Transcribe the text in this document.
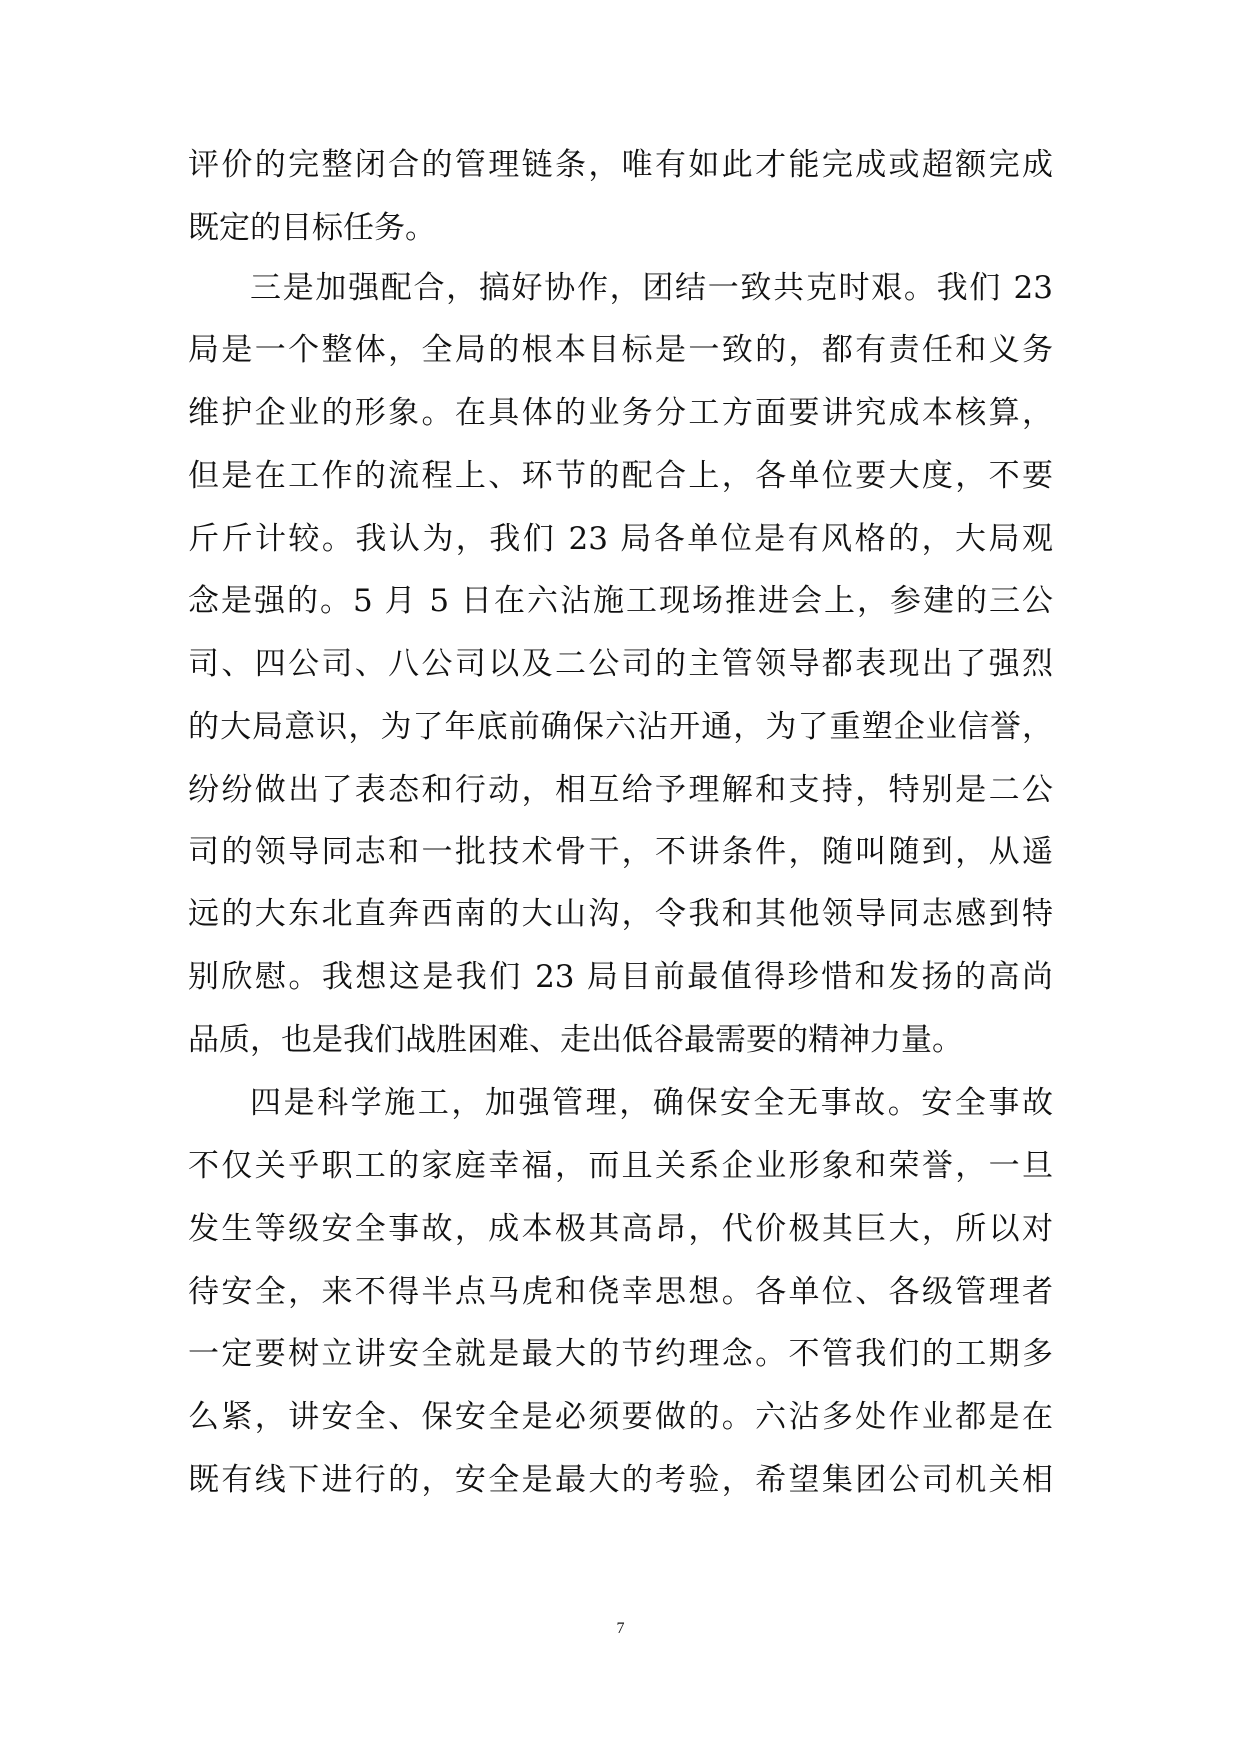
评价的完整闭合的管理链条，唯有如此才能完成或超额完成
既定的目标任务。
三是加强配合，搞好协作，团结一致共克时艰。我们 23
局是一个整体，全局的根本目标是一致的，都有责任和义务
维护企业的形象。在具体的业务分工方面要讲究成本核算，
但是在工作的流程上、环节的配合上，各单位要大度，不要
斤斤计较。我认为，我们 23 局各单位是有风格的，大局观
念是强的。5 月 5 日在六沾施工现场推进会上，参建的三公
司、四公司、八公司以及二公司的主管领导都表现出了强烈
的大局意识，为了年底前确保六沾开通，为了重塑企业信誉，
纷纷做出了表态和行动，相互给予理解和支持，特别是二公
司的领导同志和一批技术骨干，不讲条件，随叫随到，从遥
远的大东北直奔西南的大山沟，令我和其他领导同志感到特
别欣慰。我想这是我们 23 局目前最值得珍惜和发扬的高尚
品质，也是我们战胜困难、走出低谷最需要的精神力量。
四是科学施工，加强管理，确保安全无事故。安全事故
不仅关乎职工的家庭幸福，而且关系企业形象和荣誉，一旦
发生等级安全事故，成本极其高昂，代价极其巨大，所以对
待安全，来不得半点马虎和侥幸思想。各单位、各级管理者
一定要树立讲安全就是最大的节约理念。不管我们的工期多
么紧，讲安全、保安全是必须要做的。六沾多处作业都是在
既有线下进行的，安全是最大的考验，希望集团公司机关相
7
